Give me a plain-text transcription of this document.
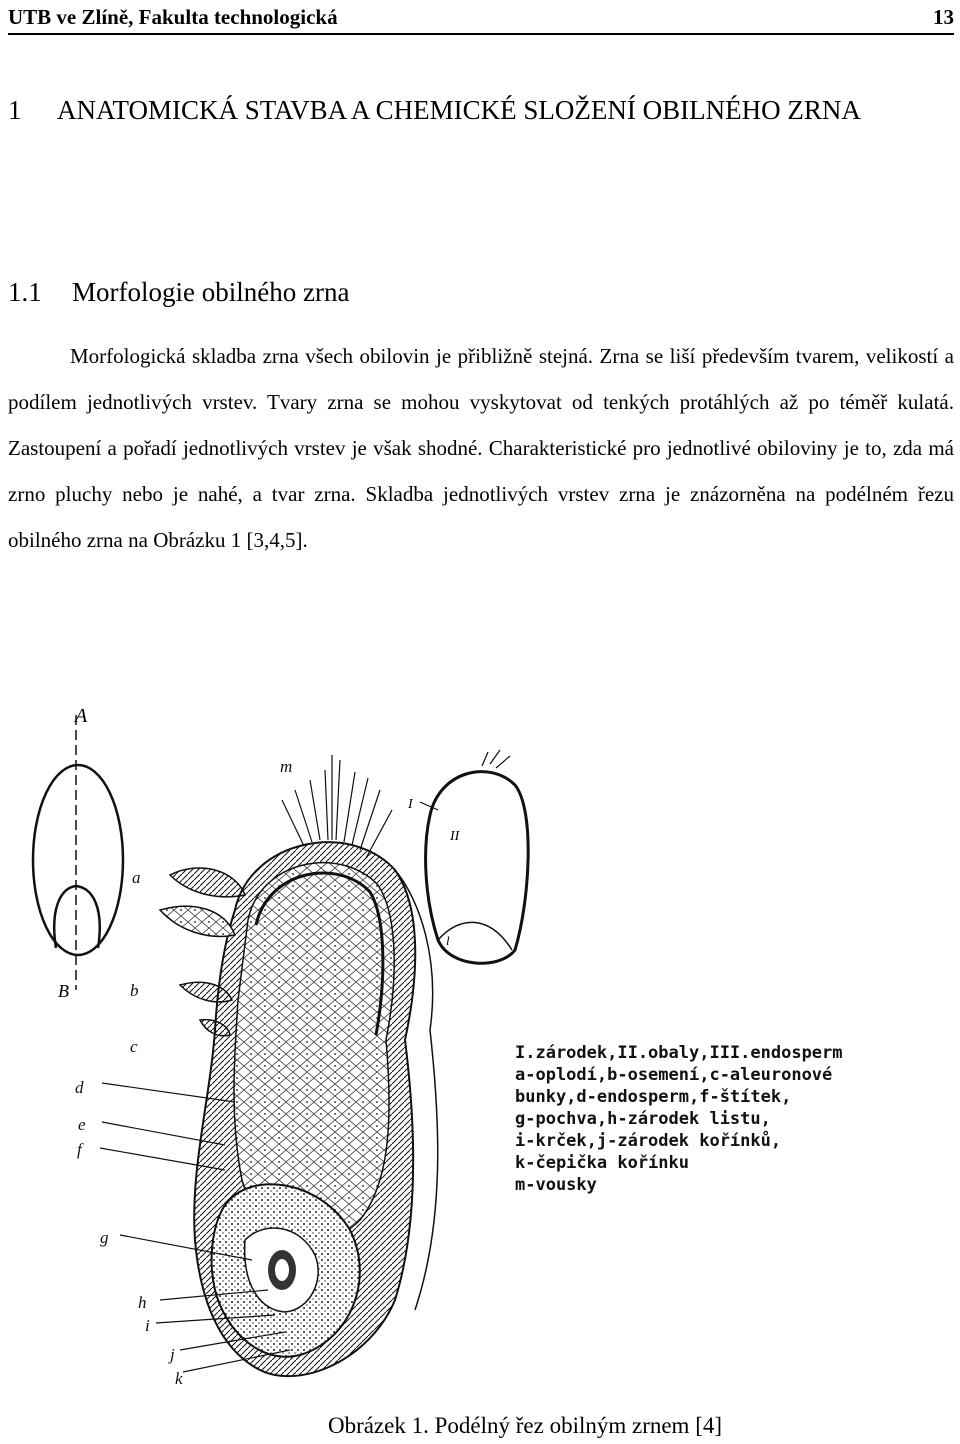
UTB ve Zlíně, Fakulta technologická	13
1 ANATOMICKÁ STAVBA A CHEMICKÉ SLOŽENÍ OBILNÉHO ZRNA
1.1 Morfologie obilného zrna
Morfologická skladba zrna všech obilovin je přibližně stejná. Zrna se liší především tvarem, velikostí a podílem jednotlivých vrstev. Tvary zrna se mohou vyskytovat od tenkých protáhlých až po téměř kulatá. Zastoupení a pořadí jednotlivých vrstev je však shodné. Charakteristické pro jednotlivé obiloviny je to, zda má zrno pluchy nebo je nahé, a tvar zrna. Skladba jednotlivých vrstev zrna je znázorněna na podélném řezu obilného zrna na Obrázku 1 [3,4,5].
A
B
m
a
b
c
d
e
f
g
h
i
j
k
I
II
l
I.zárodek,II.obaly,III.endosperm
a-oplodí,b-osemení,c-aleuronové
bunky,d-endosperm,f-štítek,
g-pochva,h-zárodek listu,
i-krček,j-zárodek kořínků,
k-čepička kořínku
m-vousky
Obrázek 1. Podélný řez obilným zrnem [4]
